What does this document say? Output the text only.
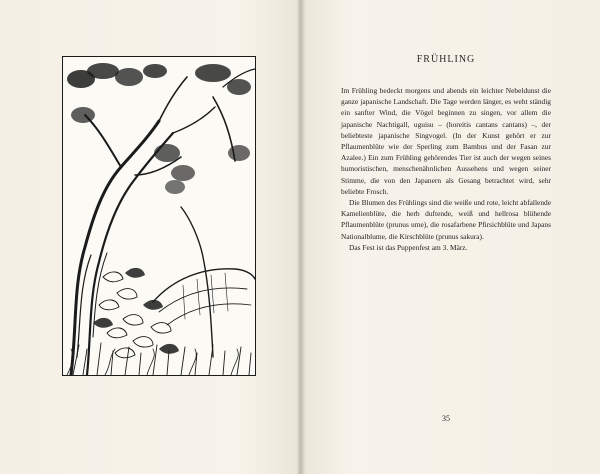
FRÜHLING

Im Frühling bedeckt morgens und abends ein leichter Nebeldunst die ganze japanische Landschaft. Die Tage werden länger, es weht ständig ein sanfter Wind, die Vögel beginnen zu singen, vor allem die japanische Nachtigall, uguisu – (horeitis cantans cantans) –, der beliebteste japanische Singvogel. (In der Kunst gehört er zur Pflaumenblüte wie der Sperling zum Bambus und der Fasan zur Azalee.) Ein zum Frühling gehörendes Tier ist auch der wegen seines humoristischen, menschenähnlichen Aussehens und wegen seiner Stimme, die von den Japanern als Gesang betrachtet wird, sehr beliebte Frosch.

Die Blumen des Frühlings sind die weiße und rote, leicht abfallende Kamelienblüte, die herb duftende, weiß und hellrosa blühende Pflaumenblüte (prunus ume), die rosafarbene Pfirsichblüte und Japans Nationalblume, die Kirschblüte (prunus sakura).

Das Fest ist das Puppenfest am 3. März.

35
